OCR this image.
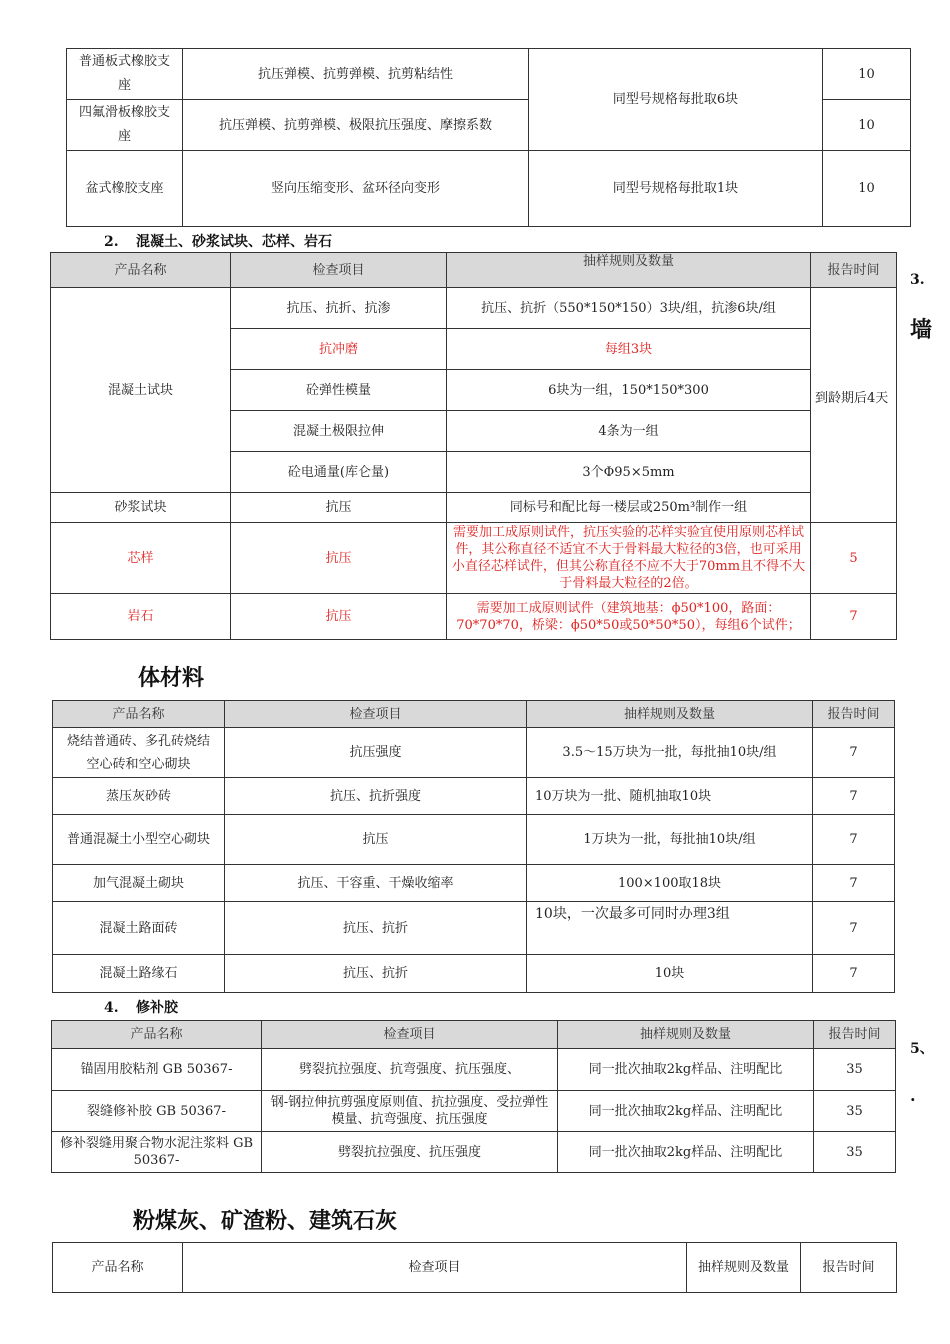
普通板式橡胶支座	抗压弹模、抗剪弹模、抗剪粘结性	同型号规格每批取6块	10
四氟滑板橡胶支座	抗压弹模、抗剪弹模、极限抗压强度、摩擦系数		10
盆式橡胶支座	竖向压缩变形、盆环径向变形	同型号规格每批取1块	10
2. 混凝土、砂浆试块、芯样、岩石
产品名称	检查项目	抽样规则及数量	报告时间
混凝土试块	抗压、抗折、抗渗	抗压、抗折（550*150*150）3块/组，抗渗6块/组	到龄期后4天
	抗冲磨	每组3块	
	砼弹性模量	6块为一组，150*150*300	
	混凝土极限拉伸	4条为一组	
	砼电通量(库仑量)	3个Φ95×5mm	
砂浆试块	抗压	同标号和配比每一楼层或250m³制作一组	
芯样	抗压	需要加工成原则试件，抗压实验的芯样实验宜使用原则芯样试件，其公称直径不适宜不大于骨料最大粒径的3倍，也可采用小直径芯样试件，但其公称直径不应不大于70mm且不得不大于骨料最大粒径的2倍。	5
岩石	抗压	需要加工成原则试件（建筑地基：ϕ50*100，路面：70*70*70，桥梁：ϕ50*50或50*50*50），每组6个试件；	7
3.
墙
体材料
产品名称	检查项目	抽样规则及数量	报告时间
烧结普通砖、多孔砖烧结空心砖和空心砌块	抗压强度	3.5～15万块为一批，每批抽10块/组	7
蒸压灰砂砖	抗压、抗折强度	10万块为一批、随机抽取10块	7
普通混凝土小型空心砌块	抗压	1万块为一批，每批抽10块/组	7
加气混凝土砌块	抗压、干容重、干燥收缩率	100×100取18块	7
混凝土路面砖	抗压、抗折	10块，一次最多可同时办理3组	7
混凝土路缘石	抗压、抗折	10块	7
4. 修补胶
产品名称	检查项目	抽样规则及数量	报告时间
锚固用胶粘剂 GB 50367-	劈裂抗拉强度、抗弯强度、抗压强度、	同一批次抽取2kg样品、注明配比	35
裂缝修补胶 GB 50367-	钢-钢拉伸抗剪强度原则值、抗拉强度、受拉弹性模量、抗弯强度、抗压强度	同一批次抽取2kg样品、注明配比	35
修补裂缝用聚合物水泥注浆料 GB 50367-	劈裂抗拉强度、抗压强度	同一批次抽取2kg样品、注明配比	35
5、
·
粉煤灰、矿渣粉、建筑石灰
产品名称	检查项目	抽样规则及数量	报告时间
